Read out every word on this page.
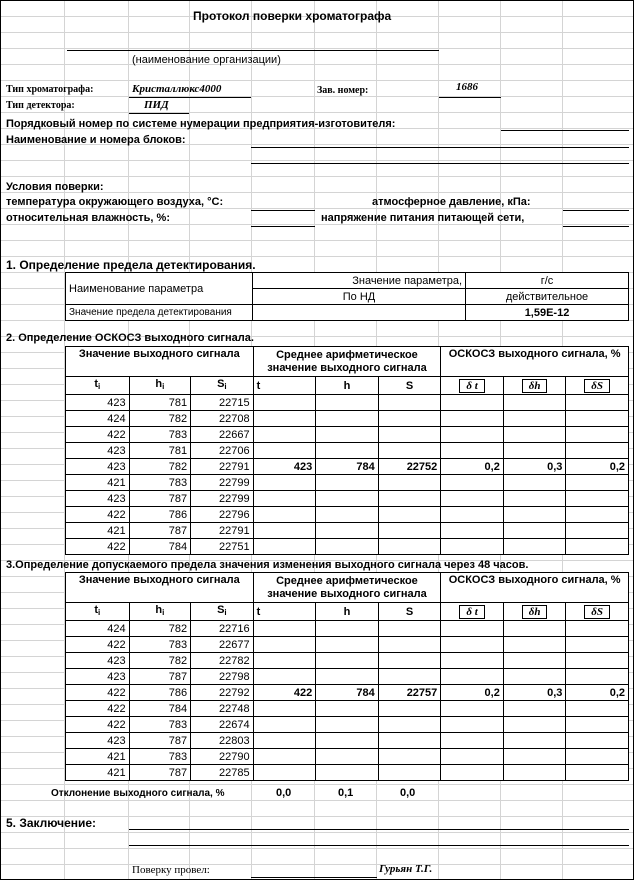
Протокол поверки хроматографа
(наименование организации)
Тип хроматографа:	Кристаллюкс4000	Зав. номер:	1686
Тип детектора:	ПИД
Порядковый номер по системе нумерации предприятия-изготовителя:
Наименование и номера блоков:
Условия поверки:
температура окружающего воздуха, °С:	атмосферное давление, кПа:
относительная влажность, %:	напряжение питания питающей сети,
1. Определение предела детектирования.
Наименование параметра	Значение параметра,	г/с
	По НД	действительное
Значение предела детектирования		1,59Е-12
2. Определение ОСКОСЗ выходного сигнала.
Значение выходного сигнала			Среднее арифметическое значение выходного сигнала			ОСКОСЗ выходного сигнала, %		
$t_i$	$h_i$	$S_i$	t	h	S	δ t	δh	δS
423	781	22715						
424	782	22708						
422	783	22667						
423	781	22706						
423	782	22791	423	784	22752	0,2	0,3	0,2
421	783	22799						
423	787	22799						
422	786	22796						
421	787	22791						
422	784	22751						
3.Определение допускаемого предела значения изменения выходного сигнала через 48 часов.
Значение выходного сигнала			Среднее арифметическое значение выходного сигнала			ОСКОСЗ выходного сигнала, %		
$t_i$	$h_i$	$S_i$	t	h	S	δ t	δh	δS
424	782	22716						
422	783	22677						
423	782	22782						
423	787	22798						
422	786	22792	422	784	22757	0,2	0,3	0,2
422	784	22748						
422	783	22674						
423	787	22803						
421	783	22790						
421	787	22785						
Отклонение выходного сигнала, %	0,0	0,1	0,0
5. Заключение:
Поверку провел:	Гурьян Т.Г.
